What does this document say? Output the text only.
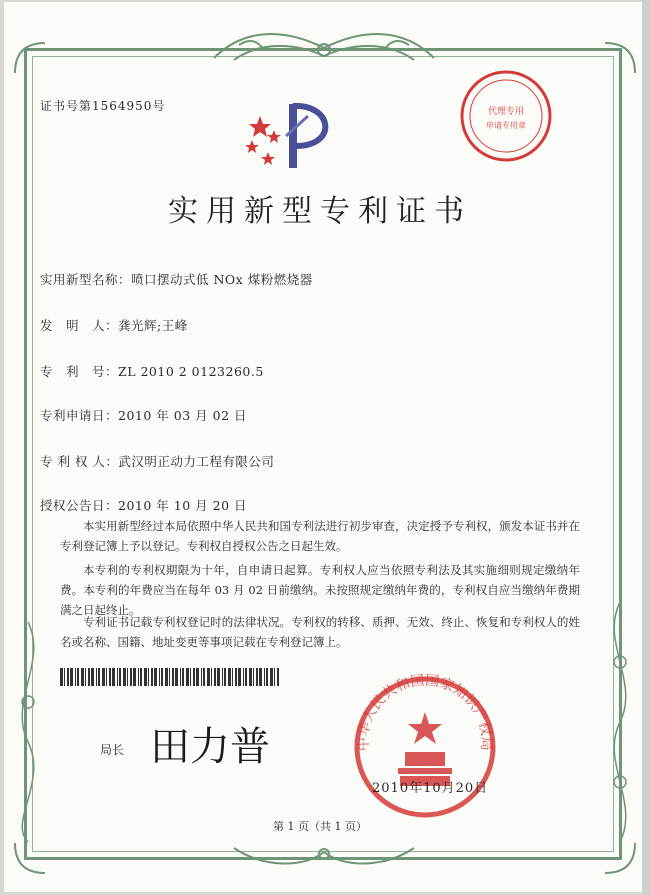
证书号第1564950号	代理专用
申请专用章
实用新型专利证书
实用新型名称：喷口摆动式低 NOx 煤粉燃烧器
发　明　人：龚光辉;王峰
专　利　号：ZL 2010 2 0123260.5
专利申请日：2010 年 03 月 02 日
专 利 权 人：武汉明正动力工程有限公司
授权公告日：2010 年 10 月 20 日
本实用新型经过本局依照中华人民共和国专利法进行初步审查，决定授予专利权，颁发本证书并在专利登记簿上予以登记。专利权自授权公告之日起生效。
本专利的专利权期限为十年，自申请日起算。专利权人应当依照专利法及其实施细则规定缴纳年费。本专利的年费应当在每年 03 月 02 日前缴纳。未按照规定缴纳年费的，专利权自应当缴纳年费期满之日起终止。
专利证书记载专利权登记时的法律状况。专利权的转移、质押、无效、终止、恢复和专利权人的姓名或名称、国籍、地址变更等事项记载在专利登记簿上。
局长 田力普	中华人民共和国国家知识产权局
2010年10月20日
第 1 页（共 1 页）
